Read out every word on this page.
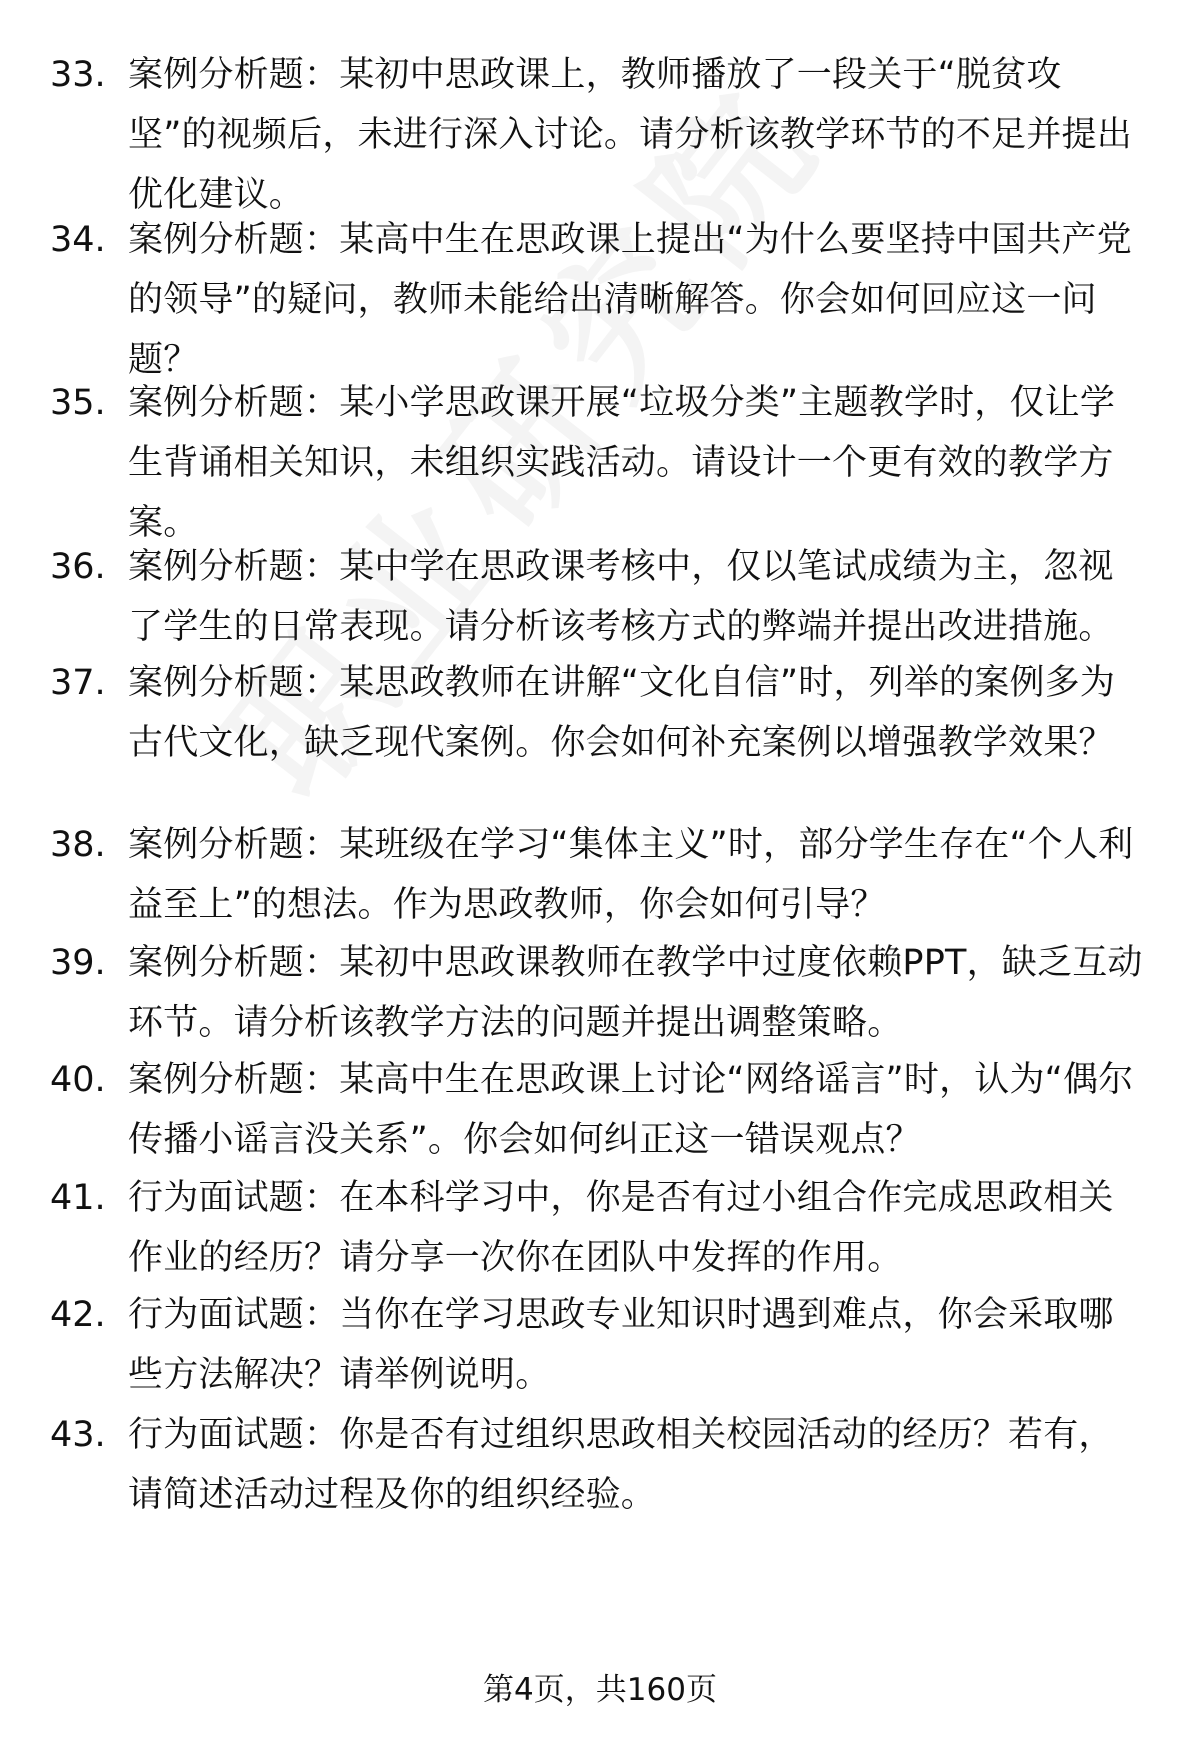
33. 案例分析题：某初中思政课上，教师播放了一段关于“脱贫攻坚”的视频后，未进行深入讨论。请分析该教学环节的不足并提出优化建议。
34. 案例分析题：某高中生在思政课上提出“为什么要坚持中国共产党的领导”的疑问，教师未能给出清晰解答。你会如何回应这一问题？
35. 案例分析题：某小学思政课开展“垃圾分类”主题教学时，仅让学生背诵相关知识，未组织实践活动。请设计一个更有效的教学方案。
36. 案例分析题：某中学在思政课考核中，仅以笔试成绩为主，忽视了学生的日常表现。请分析该考核方式的弊端并提出改进措施。
37. 案例分析题：某思政教师在讲解“文化自信”时，列举的案例多为古代文化，缺乏现代案例。你会如何补充案例以增强教学效果？
38. 案例分析题：某班级在学习“集体主义”时，部分学生存在“个人利益至上”的想法。作为思政教师，你会如何引导？
39. 案例分析题：某初中思政课教师在教学中过度依赖PPT，缺乏互动环节。请分析该教学方法的问题并提出调整策略。
40. 案例分析题：某高中生在思政课上讨论“网络谣言”时，认为“偶尔传播小谣言没关系”。你会如何纠正这一错误观点？
41. 行为面试题：在本科学习中，你是否有过小组合作完成思政相关作业的经历？请分享一次你在团队中发挥的作用。
42. 行为面试题：当你在学习思政专业知识时遇到难点，你会采取哪些方法解决？请举例说明。
43. 行为面试题：你是否有过组织思政相关校园活动的经历？若有，请简述活动过程及你的组织经验。
第4页，共160页
